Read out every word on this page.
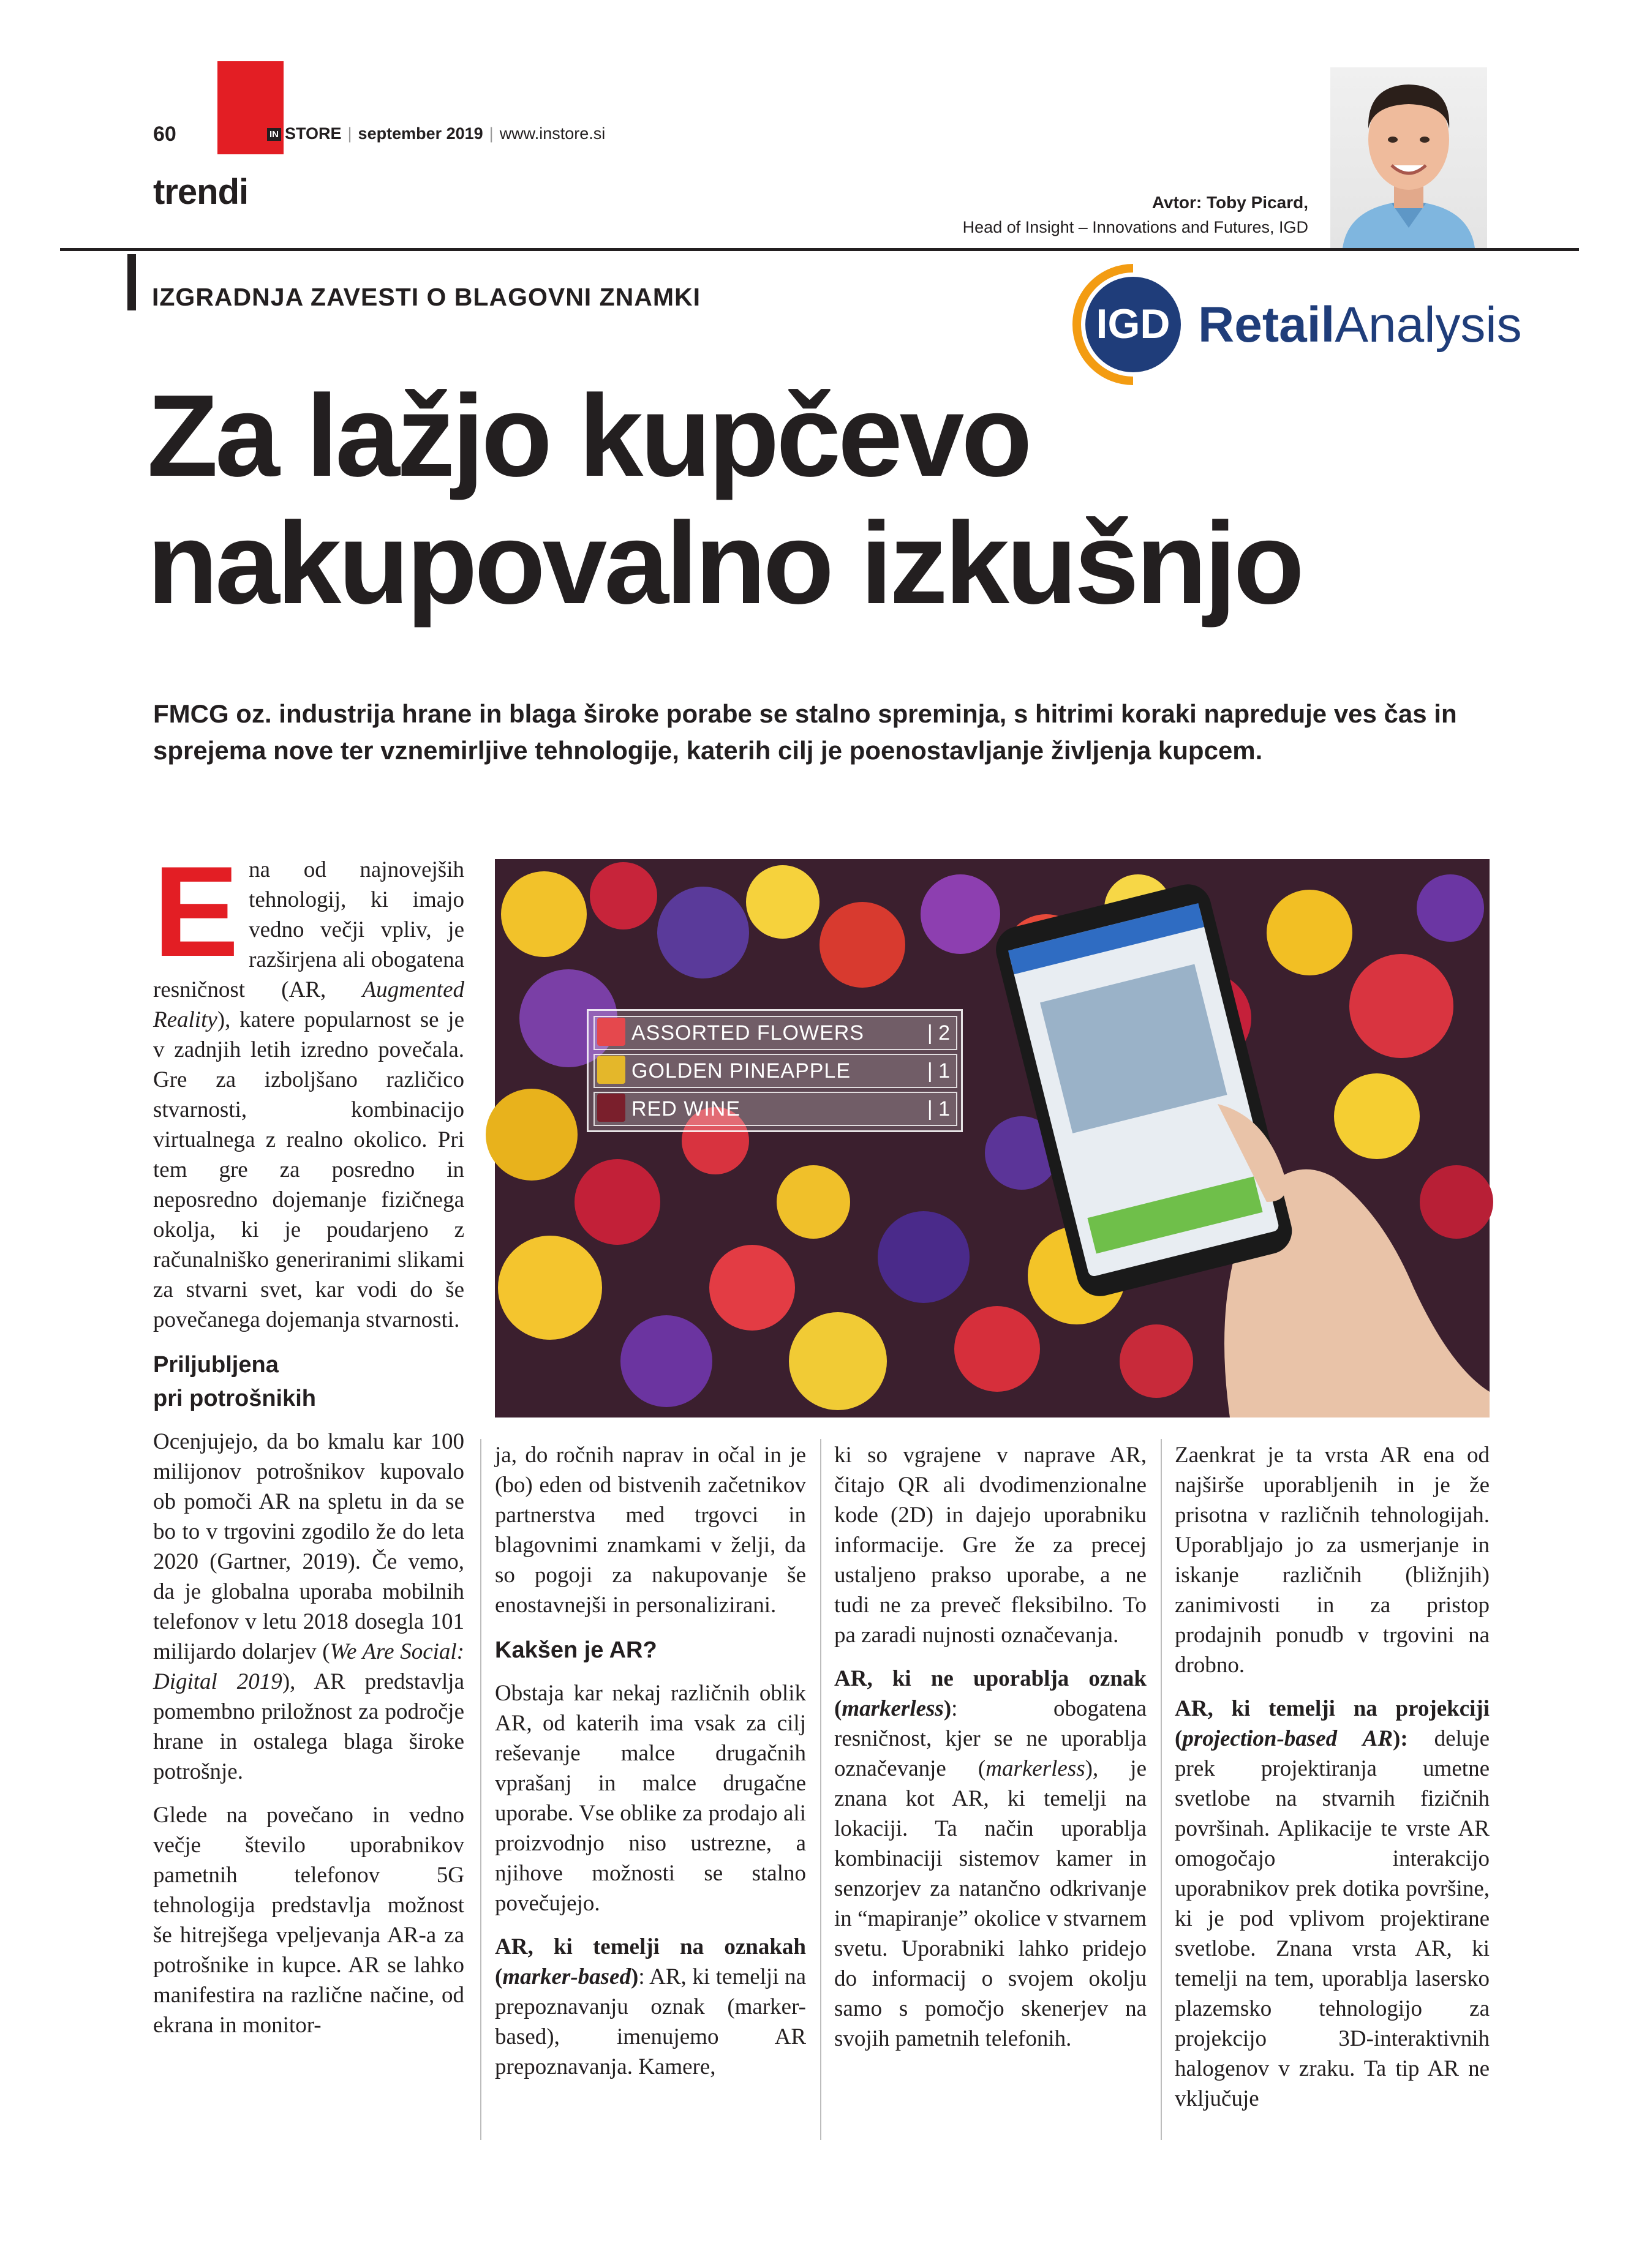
60	IN STORE | september 2019 | www.instore.si
trendi	Avtor: Toby Picard,
Head of Insight – Innovations and Futures, IGD
IZGRADNJA ZAVESTI O BLAGOVNI ZNAMKI
IGD RetailAnalysis
Za lažjo kupčevo
nakupovalno izkušnjo
FMCG oz. industrija hrane in blaga široke porabe se stalno spreminja, s hitrimi koraki napreduje ves čas in sprejema nove ter vznemirljive tehnologije, katerih cilj je poenostavljanje življenja kupcem.
ASSORTED FLOWERS	| 2
GOLDEN PINEAPPLE	| 1
RED WINE	| 1

Ena od najnovejših tehnologij, ki imajo vedno večji vpliv, je razširjena ali obogatena resničnost (AR, Augmented Reality), katere popularnost se je v zadnjih letih izredno povečala. Gre za izboljšano različico stvarnosti, kombinacijo virtualnega z realno okolico. Pri tem gre za posredno in neposredno dojemanje fizičnega okolja, ki je poudarjeno z računalniško generiranimi slikami za stvarni svet, kar vodi do še povečanega dojemanja stvarnosti.

Priljubljena
pri potrošnikih

Ocenjujejo, da bo kmalu kar 100 milijonov potrošnikov kupovalo ob pomoči AR na spletu in da se bo to v trgovini zgodilo že do leta 2020 (Gartner, 2019). Če vemo, da je globalna uporaba mobilnih telefonov v letu 2018 dosegla 101 milijardo dolarjev (We Are Social: Digital 2019), AR predstavlja pomembno priložnost za področje hrane in ostalega blaga široke potrošnje.

Glede na povečano in vedno večje število uporabnikov pametnih telefonov 5G tehnologija predstavlja možnost še hitrejšega vpeljevanja AR-a za potrošnike in kupce. AR se lahko manifestira na različne načine, od ekrana in monitor-

ja, do ročnih naprav in očal in je (bo) eden od bistvenih začetnikov partnerstva med trgovci in blagovnimi znamkami v želji, da so pogoji za nakupovanje še enostavnejši in personalizirani.

Kakšen je AR?

Obstaja kar nekaj različnih oblik AR, od katerih ima vsak za cilj reševanje malce drugačnih vprašanj in malce drugačne uporabe. Vse oblike za prodajo ali proizvodnjo niso ustrezne, a njihove možnosti se stalno povečujejo.

AR, ki temelji na oznakah (marker-based): AR, ki temelji na prepoznavanju oznak (marker-based), imenujemo AR prepoznavanja. Kamere,

ki so vgrajene v naprave AR, čitajo QR ali dvodimenzionalne kode (2D) in dajejo uporabniku informacije. Gre že za precej ustaljeno prakso uporabe, a ne tudi ne za preveč fleksibilno. To pa zaradi nujnosti označevanja.

AR, ki ne uporablja oznak (markerless): obogatena resničnost, kjer se ne uporablja označevanje (markerless), je znana kot AR, ki temelji na lokaciji. Ta način uporablja kombinaciji sistemov kamer in senzorjev za natančno odkrivanje in “mapiranje” okolice v stvarnem svetu. Uporabniki lahko pridejo do informacij o svojem okolju samo s pomočjo skenerjev na svojih pametnih telefonih.

Zaenkrat je ta vrsta AR ena od najširše uporabljenih in je že prisotna v različnih tehnologijah. Uporabljajo jo za usmerjanje in iskanje različnih (bližnjih) zanimivosti in za pristop prodajnih ponudb v trgovini na drobno.

AR, ki temelji na projekciji (projection-based AR): deluje prek projektiranja umetne svetlobe na stvarnih fizičnih površinah. Aplikacije te vrste AR omogočajo interakcijo uporabnikov prek dotika površine, ki je pod vplivom projektirane svetlobe. Znana vrsta AR, ki temelji na tem, uporablja lasersko plazemsko tehnologijo za projekcijo 3D-interaktivnih halogenov v zraku. Ta tip AR ne vključuje
